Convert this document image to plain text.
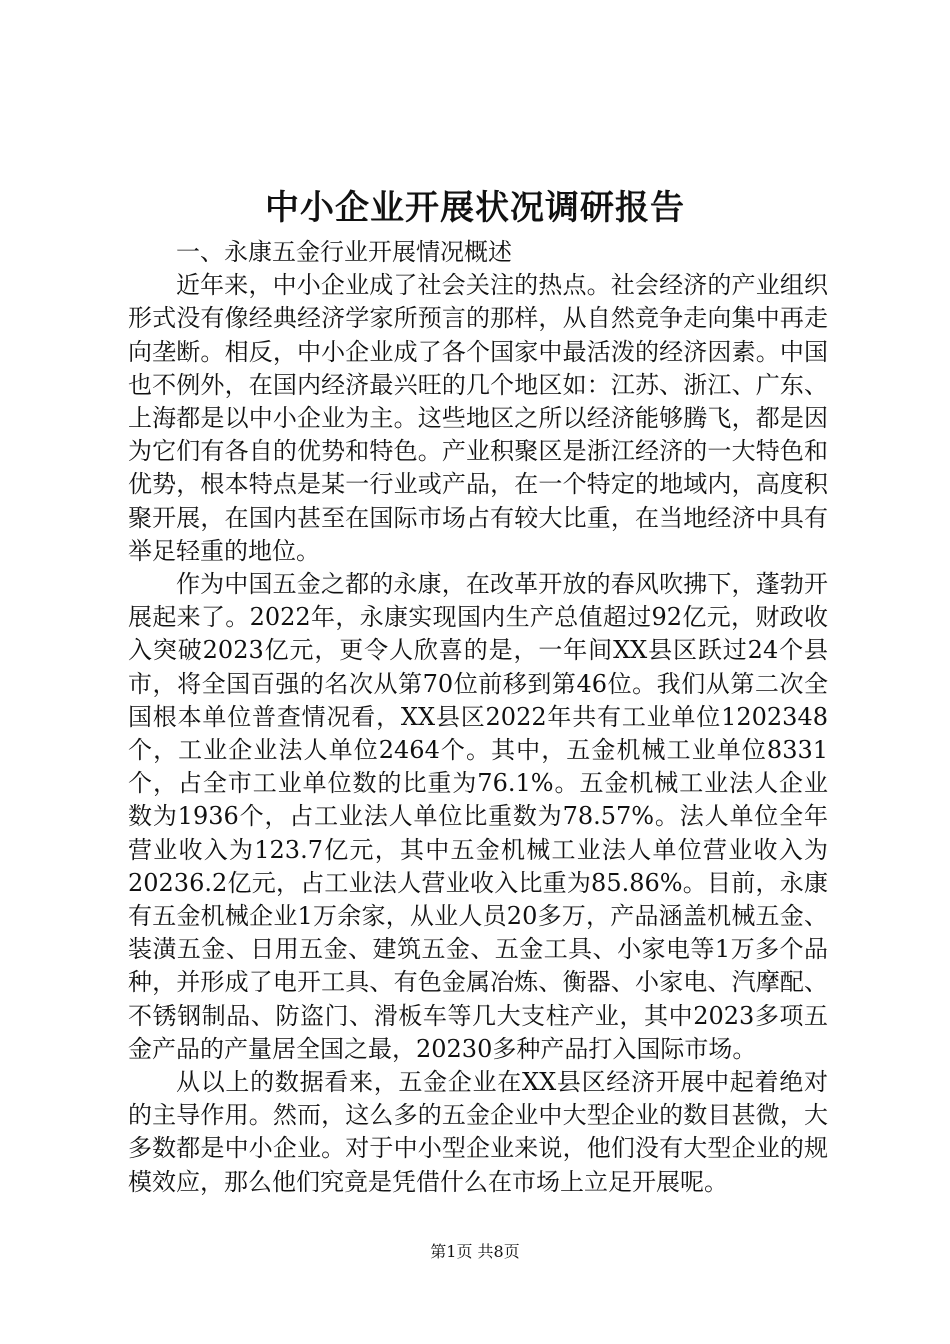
中小企业开展状况调研报告

一、永康五金行业开展情况概述

近年来，中小企业成了社会关注的热点。社会经济的产业组织形式没有像经典经济学家所预言的那样，从自然竞争走向集中再走向垄断。相反，中小企业成了各个国家中最活泼的经济因素。中国也不例外，在国内经济最兴旺的几个地区如：江苏、浙江、广东、上海都是以中小企业为主。这些地区之所以经济能够腾飞，都是因为它们有各自的优势和特色。产业积聚区是浙江经济的一大特色和优势，根本特点是某一行业或产品，在一个特定的地域内，高度积聚开展，在国内甚至在国际市场占有较大比重，在当地经济中具有举足轻重的地位。

作为中国五金之都的永康，在改革开放的春风吹拂下，蓬勃开展起来了。2022年，永康实现国内生产总值超过92亿元，财政收入突破2023亿元，更令人欣喜的是，一年间XX县区跃过24个县市，将全国百强的名次从第70位前移到第46位。我们从第二次全国根本单位普查情况看，XX县区2022年共有工业单位1202348个，工业企业法人单位2464个。其中，五金机械工业单位8331个，占全市工业单位数的比重为76.1%。五金机械工业法人企业数为1936个，占工业法人单位比重数为78.57%。法人单位全年营业收入为123.7亿元，其中五金机械工业法人单位营业收入为20236.2亿元，占工业法人营业收入比重为85.86%。目前，永康有五金机械企业1万余家，从业人员20多万，产品涵盖机械五金、装潢五金、日用五金、建筑五金、五金工具、小家电等1万多个品种，并形成了电开工具、有色金属冶炼、衡器、小家电、汽摩配、不锈钢制品、防盗门、滑板车等几大支柱产业，其中2023多项五金产品的产量居全国之最，20230多种产品打入国际市场。

从以上的数据看来，五金企业在XX县区经济开展中起着绝对的主导作用。然而，这么多的五金企业中大型企业的数目甚微，大多数都是中小企业。对于中小型企业来说，他们没有大型企业的规模效应，那么他们究竟是凭借什么在市场上立足开展呢。

第1页 共8页
